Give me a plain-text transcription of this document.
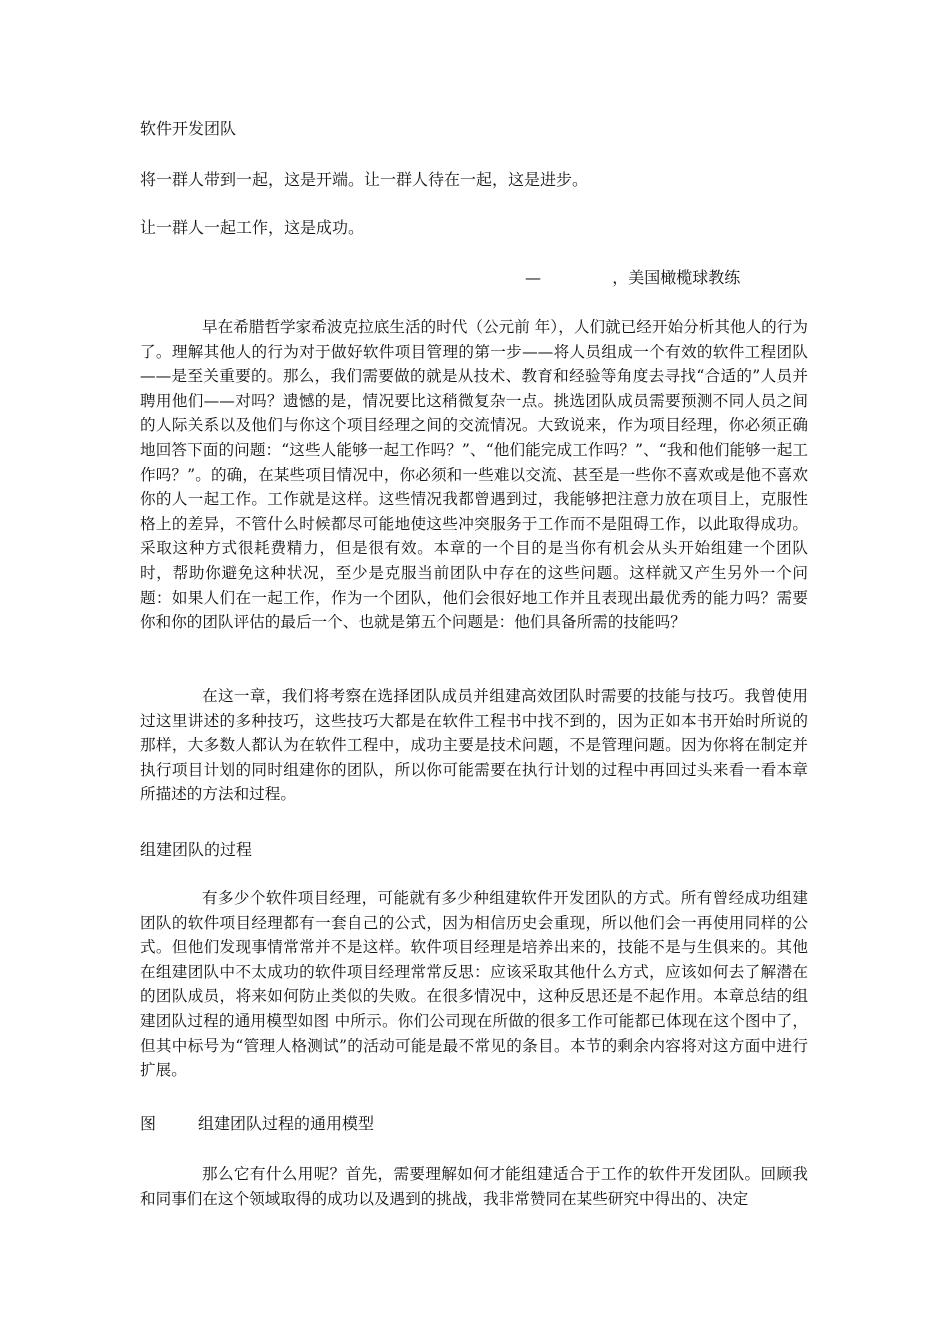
软件开发团队
将一群人带到一起，这是开端。让一群人待在一起，这是进步。
让一群人一起工作，这是成功。
—              ，美国橄榄球教练
早在希腊哲学家希波克拉底生活的时代（公元前 年），人们就已经开始分析其他人的行为了。理解其他人的行为对于做好软件项目管理的第一步——将人员组成一个有效的软件工程团队——是至关重要的。那么，我们需要做的就是从技术、教育和经验等角度去寻找“合适的”人员并聘用他们——对吗？遗憾的是，情况要比这稍微复杂一点。挑选团队成员需要预测不同人员之间的人际关系以及他们与你这个项目经理之间的交流情况。大致说来，作为项目经理，你必须正确地回答下面的问题：“这些人能够一起工作吗？”、“他们能完成工作吗？”、“我和他们能够一起工作吗？”。的确，在某些项目情况中，你必须和一些难以交流、甚至是一些你不喜欢或是他不喜欢你的人一起工作。工作就是这样。这些情况我都曾遇到过，我能够把注意力放在项目上，克服性格上的差异，不管什么时候都尽可能地使这些冲突服务于工作而不是阻碍工作，以此取得成功。采取这种方式很耗费精力，但是很有效。本章的一个目的是当你有机会从头开始组建一个团队时，帮助你避免这种状况，至少是克服当前团队中存在的这些问题。这样就又产生另外一个问题：如果人们在一起工作，作为一个团队，他们会很好地工作并且表现出最优秀的能力吗？需要你和你的团队评估的最后一个、也就是第五个问题是：他们具备所需的技能吗？
在这一章，我们将考察在选择团队成员并组建高效团队时需要的技能与技巧。我曾使用过这里讲述的多种技巧，这些技巧大都是在软件工程书中找不到的，因为正如本书开始时所说的那样，大多数人都认为在软件工程中，成功主要是技术问题，不是管理问题。因为你将在制定并执行项目计划的同时组建你的团队，所以你可能需要在执行计划的过程中再回过头来看一看本章所描述的方法和过程。
组建团队的过程
有多少个软件项目经理，可能就有多少种组建软件开发团队的方式。所有曾经成功组建团队的软件项目经理都有一套自己的公式，因为相信历史会重现，所以他们会一再使用同样的公式。但他们发现事情常常并不是这样。软件项目经理是培养出来的，技能不是与生俱来的。其他在组建团队中不太成功的软件项目经理常常反思：应该采取其他什么方式，应该如何去了解潜在的团队成员，将来如何防止类似的失败。在很多情况中，这种反思还是不起作用。本章总结的组建团队过程的通用模型如图 中所示。你们公司现在所做的很多工作可能都已体现在这个图中了，但其中标号为“管理人格测试”的活动可能是最不常见的条目。本节的剩余内容将对这方面中进行扩展。
图	组建团队过程的通用模型
那么它有什么用呢？首先，需要理解如何才能组建适合于工作的软件开发团队。回顾我和同事们在这个领域取得的成功以及遇到的挑战，我非常赞同在某些研究中得出的、决定
